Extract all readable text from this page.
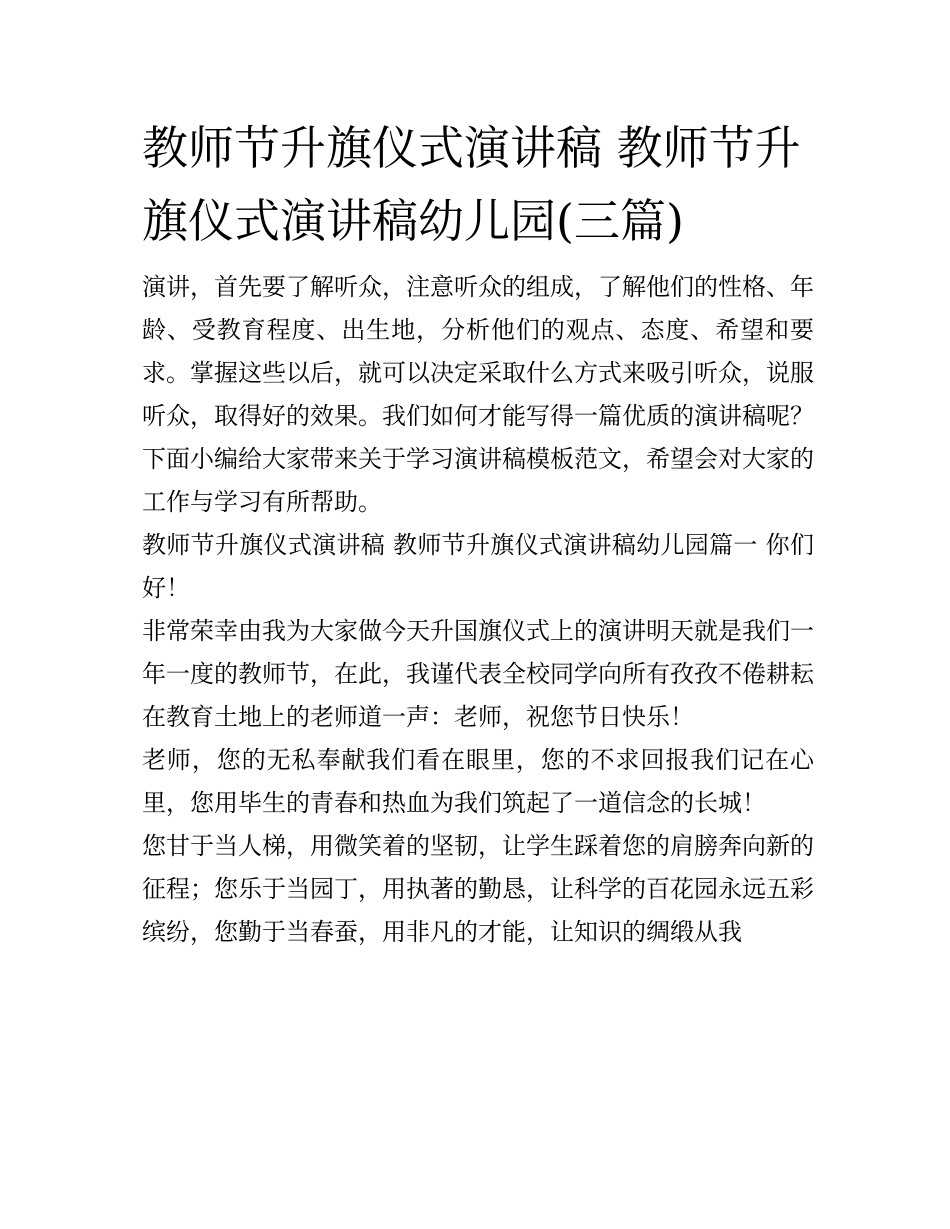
教师节升旗仪式演讲稿 教师节升旗仪式演讲稿幼儿园(三篇)

演讲，首先要了解听众，注意听众的组成，了解他们的性格、年龄、受教育程度、出生地，分析他们的观点、态度、希望和要求。掌握这些以后，就可以决定采取什么方式来吸引听众，说服听众，取得好的效果。我们如何才能写得一篇优质的演讲稿呢？下面小编给大家带来关于学习演讲稿模板范文，希望会对大家的工作与学习有所帮助。

教师节升旗仪式演讲稿 教师节升旗仪式演讲稿幼儿园篇一 你们好！

非常荣幸由我为大家做今天升国旗仪式上的演讲明天就是我们一年一度的教师节，在此，我谨代表全校同学向所有孜孜不倦耕耘在教育土地上的老师道一声：老师，祝您节日快乐！

老师，您的无私奉献我们看在眼里，您的不求回报我们记在心里，您用毕生的青春和热血为我们筑起了一道信念的长城！

您甘于当人梯，用微笑着的坚韧，让学生踩着您的肩膀奔向新的征程；您乐于当园丁，用执著的勤恳，让科学的百花园永远五彩缤纷，您勤于当春蚕，用非凡的才能，让知识的绸缎从我
